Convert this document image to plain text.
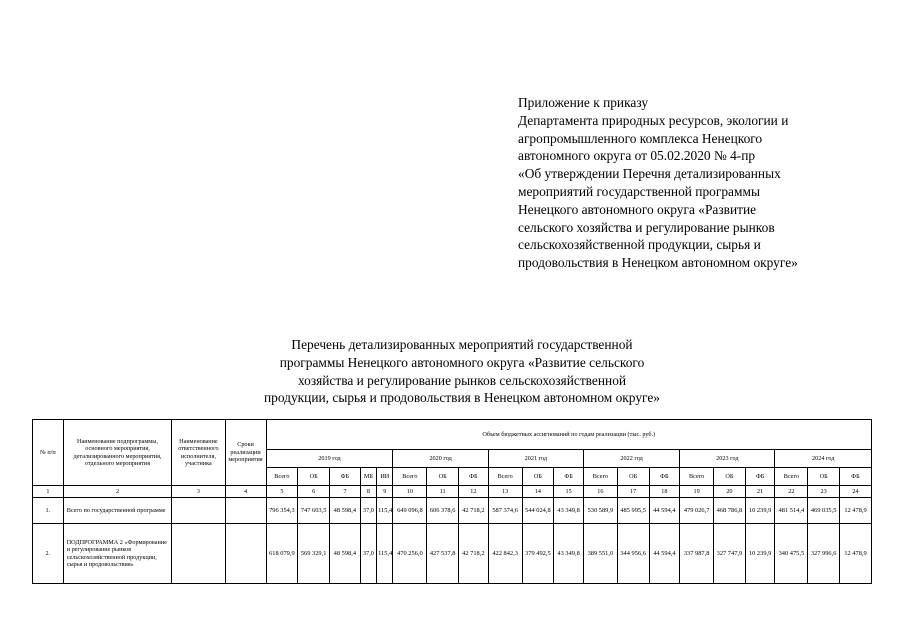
Приложение к приказу
Департамента природных ресурсов, экологии и
агропромышленного комплекса Ненецкого
автономного округа от 05.02.2020 № 4-пр
«Об утверждении Перечня детализированных
мероприятий государственной программы
Ненецкого автономного округа «Развитие
сельского хозяйства и регулирование рынков
сельскохозяйственной продукции, сырья и
продовольствия в Ненецком автономном округе»
Перечень детализированных мероприятий государственной
программы Ненецкого автономного округа «Развитие сельского
хозяйства и регулирование рынков сельскохозяйственной
продукции, сырья и продовольствия в Ненецком автономном округе»
№ п/п	Наименование подпрограммы, основного мероприятия, детализированного мероприятия, отдельного мероприятия	Наименование ответственного исполнителя, участника	Сроки реализации мероприятия	Объем бюджетных ассигнований по годам реализации (тыс. руб.)																			
				2019 год					2020 год			2021 год			2022 год			2023 год			2024 год		
				Всего	ОБ	ФБ	МБ	ИИ	Всего	ОБ	ФБ	Всего	ОБ	ФБ	Всего	ОБ	ФБ	Всего	ОБ	ФБ	Всего	ОБ	ФБ
1	2	3	4	5	6	7	8	9	10	11	12	13	14	15	16	17	18	19	20	21	22	23	24
1.	Всего по государственной программе			796 354,3	747 603,5	48 598,4	37,0	115,4	649 096,8	606 378,6	42 718,2	587 374,6	544 024,8	43 349,8	530 589,9	485 995,5	44 594,4	479 026,7	468 786,8	10 239,9	481 514,4	469 035,5	12 478,9
2.	ПОДПРОГРАММА 2 «Формирование и регулирование рынков сельскохозяйственной продукции, сырья и продовольствия»			618 079,9	569 329,1	48 598,4	37,0	115,4	470 256,0	427 537,8	42 718,2	422 842,3	379 492,5	43 349,8	389 551,0	344 956,6	44 594,4	337 987,8	327 747,9	10 239,9	340 475,5	327 996,6	12 478,9
